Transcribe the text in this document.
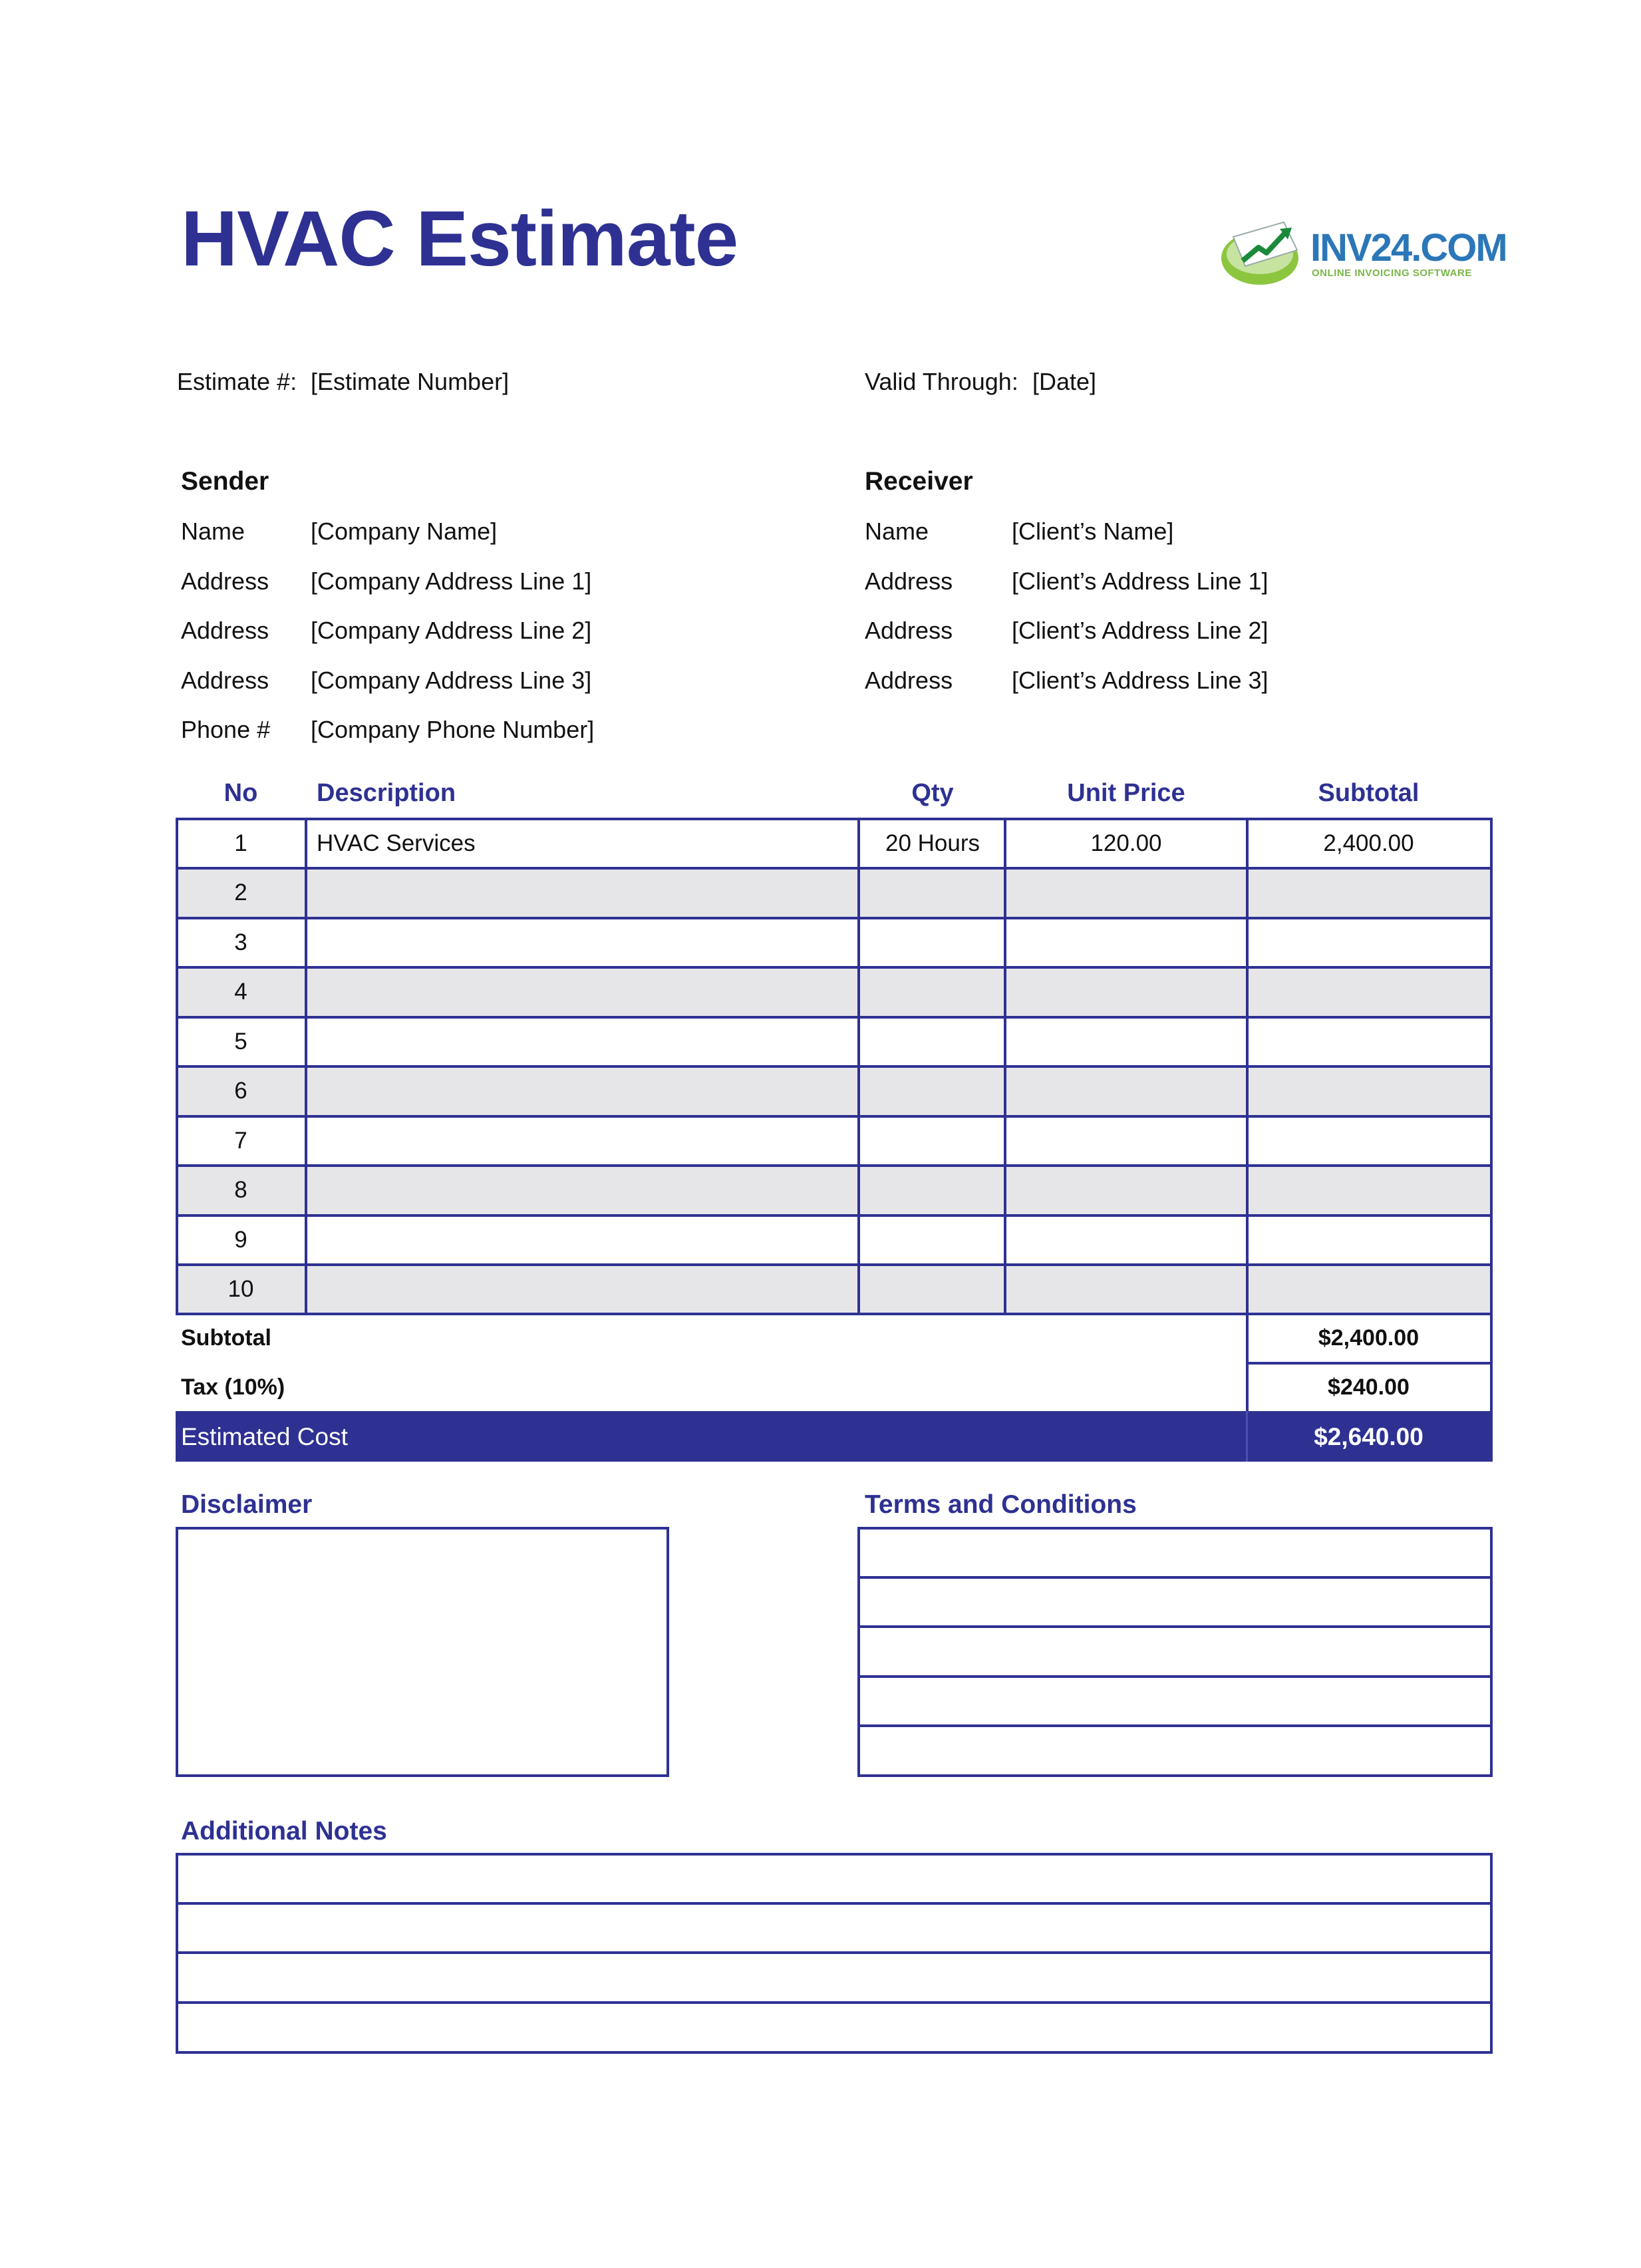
HVAC Estimate	INV24.COM
ONLINE INVOICING SOFTWARE
Estimate #: [Estimate Number]	Valid Through: [Date]
Sender
Name	[Company Name]
Address [Company Address Line 1]
Address [Company Address Line 2]
Address [Company Address Line 3]
Phone # [Company Phone Number]
Receiver
Name	[Client’s Name]
Address [Client’s Address Line 1]
Address [Client’s Address Line 2]
Address [Client’s Address Line 3]
No	Description	Qty	Unit Price	Subtotal
1	HVAC Services	20 Hours	120.00	2,400.00
2
3
4
5
6
7
8
9
10
Subtotal	$2,400.00
Tax (10%)	$240.00
Estimated Cost	$2,640.00
Disclaimer	Terms and Conditions
Additional Notes
